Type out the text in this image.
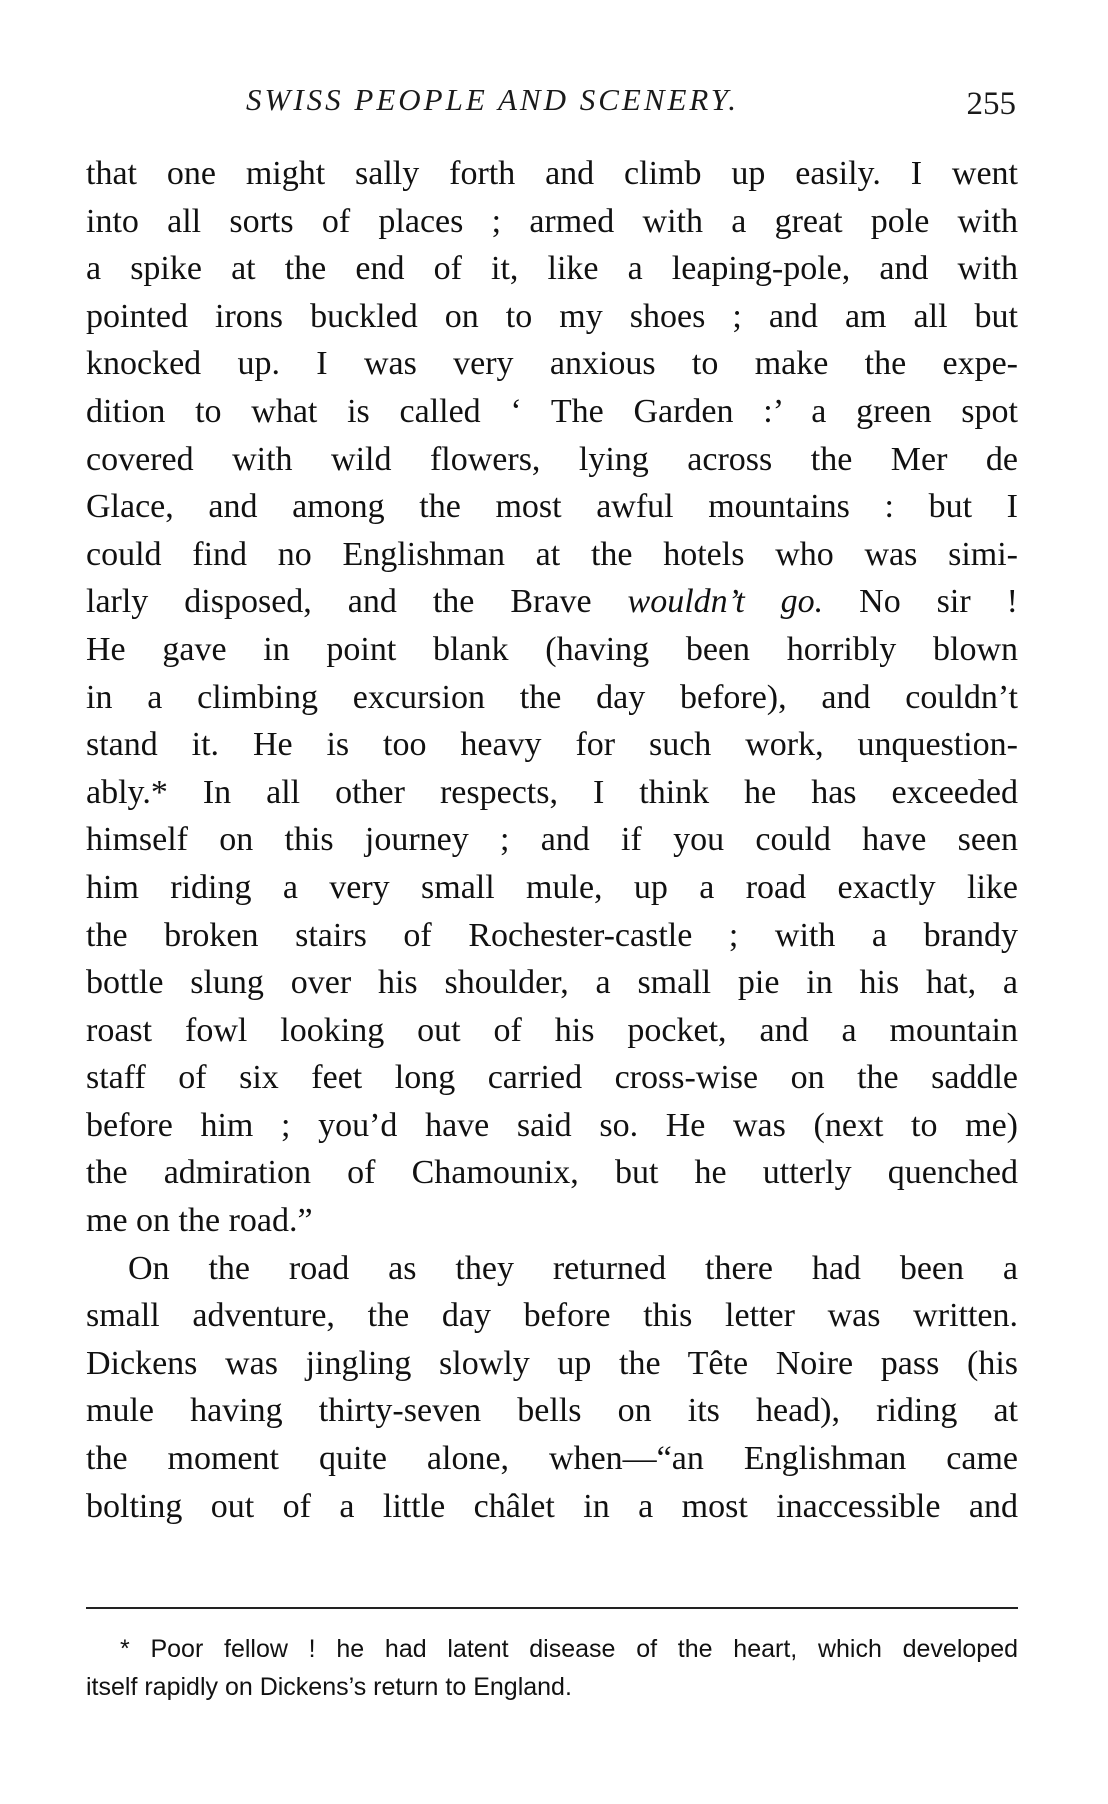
SWISS PEOPLE AND SCENERY.	255
that one might sally forth and climb up easily. I went
into all sorts of places ; armed with a great pole with
a spike at the end of it, like a leaping-pole, and with
pointed irons buckled on to my shoes ; and am all but
knocked up. I was very anxious to make the expe-
dition to what is called ‘ The Garden :’ a green spot
covered with wild flowers, lying across the Mer de
Glace, and among the most awful mountains : but I
could find no Englishman at the hotels who was simi-
larly disposed, and the Brave wouldn’t go. No sir !
He gave in point blank (having been horribly blown
in a climbing excursion the day before), and couldn’t
stand it. He is too heavy for such work, unquestion-
ably.* In all other respects, I think he has exceeded
himself on this journey ; and if you could have seen
him riding a very small mule, up a road exactly like
the broken stairs of Rochester-castle ; with a brandy
bottle slung over his shoulder, a small pie in his hat, a
roast fowl looking out of his pocket, and a mountain
staff of six feet long carried cross-wise on the saddle
before him ; you’d have said so. He was (next to me)
the admiration of Chamounix, but he utterly quenched
me on the road.”
On the road as they returned there had been a
small adventure, the day before this letter was written.
Dickens was jingling slowly up the Tête Noire pass (his
mule having thirty-seven bells on its head), riding at
the moment quite alone, when—“an Englishman came
bolting out of a little châlet in a most inaccessible and
* Poor fellow ! he had latent disease of the heart, which developed
itself rapidly on Dickens’s return to England.
